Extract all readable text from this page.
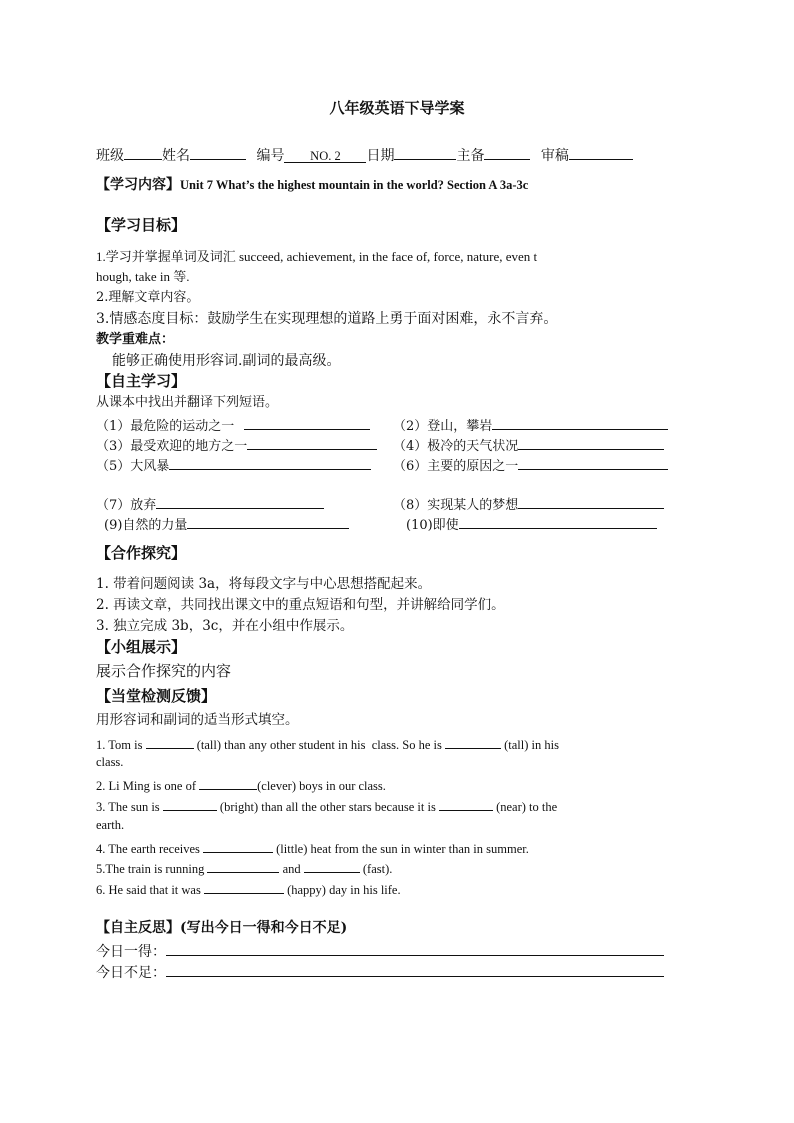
八年级英语下导学案
班级	姓名	编号 NO. 2 日期	主备	审稿
【学习内容】Unit 7 What’s the highest mountain in the world? Section A 3a-3c
【学习目标】
1.学习并掌握单词及词汇 succeed, achievement, in the face of, force, nature, even t
hough, take in 等.
2.理解文章内容。
3.情感态度目标：鼓励学生在实现理想的道路上勇于面对困难，永不言弃。
教学重难点：
能够正确使用形容词.副词的最高级。
【自主学习】
从课本中找出并翻译下列短语。
（1）最危险的运动之一	（2）登山，攀岩
（3）最受欢迎的地方之一	（4）极冷的天气状况
（5）大风暴	（6）主要的原因之一
（7）放弃	（8）实现某人的梦想
(9)自然的力量	(10)即使
【合作探究】
1. 带着问题阅读 3a，将每段文字与中心思想搭配起来。
2. 再读文章，共同找出课文中的重点短语和句型，并讲解给同学们。
3. 独立完成 3b，3c，并在小组中作展示。
【小组展示】
展示合作探究的内容
【当堂检测反馈】
用形容词和副词的适当形式填空。
1. Tom is	(tall) than any other student in his class. So he is	(tall) in his
class.
2. Li Ming is one of	(clever) boys in our class.
3. The sun is	(bright) than all the other stars because it is	(near) to the
earth.
4. The earth receives	(little) heat from the sun in winter than in summer.
5.The train is running	and	(fast).
6. He said that it was	(happy) day in his life.
【自主反思】(写出今日一得和今日不足)
今日一得：
今日不足：
